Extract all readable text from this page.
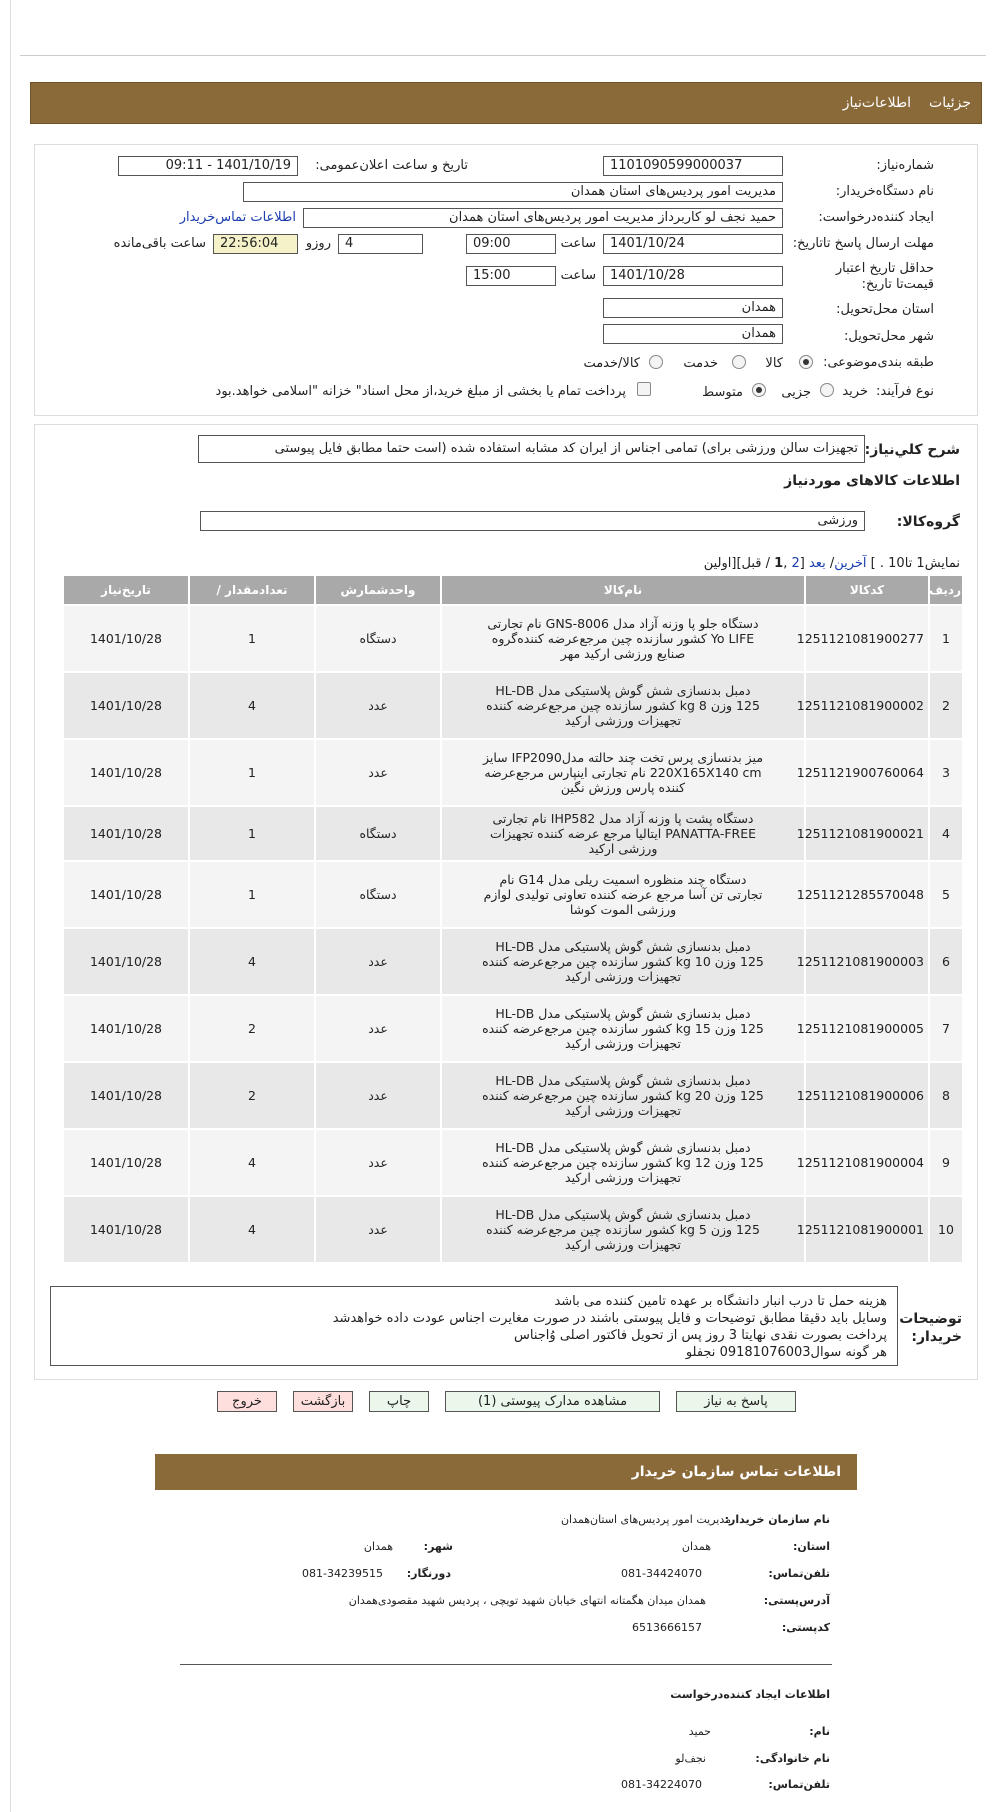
جزئیات
اطلاعات‌نیاز
شماره‌نیاز:
1101090599000037
تاریخ و ساعت اعلان‌عمومی:
1401/10/19 - 09:11
نام دستگاه‌خریدار:
مدیریت امور پردیس‌های استان همدان
ایجاد کننده‌درخواست:
حمید نجف لو کاربرداز مدیریت امور پردیس‌های استان همدان
اطلاعات تماس‌خریدار
مهلت ارسال پاسخ تا‌تاریخ:
1401/10/24
ساعت
09:00
4
روزو
22:56:04
ساعت باقی‌مانده
حداقل تاریخ اعتبار قیمت‌تا تاریخ:
1401/10/28
ساعت
15:00
استان محل‌تحویل:
همدان
شهر محل‌تحویل:
همدان
طبقه بندی‌موضوعی:
کالا
خدمت
کالا/خدمت
نوع فرآیند:
خرید
جزیی
متوسط
پرداخت تمام یا بخشی از مبلغ خرید،از محل اسناد" خزانه "اسلامی خواهد.بود
شرح کلي‌نیاز:
تجهیزات سالن ورزشی برای) تمامی اجناس از ایران کد مشابه استفاده شده (است حتما مطابق فایل پیوستی
اطلاعات کالاهای موردنیاز
گروه‌کالا:
ورزشی
نمایش1 تا10 . ] آخرین/ بعد [2 ,1 / قبل][اولین
ردیف	کدکالا	نام‌کالا	واحدشمارش	تعدادمقدار /	تاریخ‌نیاز
1	1251121081900277	دستگاه جلو پا وزنه آزاد مدل GNS-8006 نام تجارتی Yo LIFE کشور سازنده چین مرجع‌عرضه کننده‌گروه صنایع ورزشی ارکید مهر	دستگاه	1	1401/10/28
2	1251121081900002	دمبل بدنسازی شش گوش پلاستیکی مدل HL-DB 125 وزن 8 kg کشور سازنده چین مرجع‌عرضه کننده تجهیزات ورزشی ارکید	عدد	4	1401/10/28
3	1251121900760064	میز بدنسازی پرس تخت چند حالته مدلIFP2090 سایز 220X165X140 cm نام تجارتی اینپارس مرجع‌عرضه کننده پارس ورزش نگین	عدد	1	1401/10/28
4	1251121081900021	دستگاه پشت پا وزنه آزاد مدل IHP582 نام تجارتی PANATTA-FREE ایتالیا مرجع عرضه کننده تجهیزات ورزشی ارکید	دستگاه	1	1401/10/28
5	1251121285570048	دستگاه چند منظوره اسمیت ریلی مدل G14 نام تجارتی تن آسا مرجع عرضه کننده تعاونی تولیدی لوازم ورزشی الموت کوشا	دستگاه	1	1401/10/28
6	1251121081900003	دمبل بدنسازی شش گوش پلاستیکی مدل HL-DB 125 وزن 10 kg کشور سازنده چین مرجع‌عرضه کننده تجهیزات ورزشی ارکید	عدد	4	1401/10/28
7	1251121081900005	دمبل بدنسازی شش گوش پلاستیکی مدل HL-DB 125 وزن 15 kg کشور سازنده چین مرجع‌عرضه کننده تجهیزات ورزشی ارکید	عدد	2	1401/10/28
8	1251121081900006	دمبل بدنسازی شش گوش پلاستیکی مدل HL-DB 125 وزن 20 kg کشور سازنده چین مرجع‌عرضه کننده تجهیزات ورزشی ارکید	عدد	2	1401/10/28
9	1251121081900004	دمبل بدنسازی شش گوش پلاستیکی مدل HL-DB 125 وزن 12 kg کشور سازنده چین مرجع‌عرضه کننده تجهیزات ورزشی ارکید	عدد	4	1401/10/28
10	1251121081900001	دمبل بدنسازی شش گوش پلاستیکی مدل HL-DB 125 وزن 5 kg کشور سازنده چین مرجع‌عرضه کننده تجهیزات ورزشی ارکید	عدد	4	1401/10/28
توضیحات خریدار:
هزینه حمل تا درب انبار دانشگاه بر عهده تامین کننده می باشد
وسایل باید دقیقا مطابق توضیحات و فایل پیوستی باشند در صورت مغایرت اجناس عودت داده خواهدشد
پرداخت بصورت نقدی نهایتا 3 روز پس از تحویل فاکتور اصلی وُاجناس
هر گونه سوال09181076003 نجفلو
پاسخ به نیاز
مشاهده مدارک پیوستی (1)
چاپ
بازگشت
خروج
اطلاعات تماس سازمان خریدار
نام سازمان خریدار:
مدیریت امور پردیس‌های استان‌همدان
استان:
همدان
شهر:
همدان
تلفن‌تماس:
081-34424070
دورنگار:
081-34239515
آدرس‌پستی:
همدان میدان هگمتانه انتهای خیابان شهید تویچی ، پردیس شهید مقصودی‌همدان
کد‌پستی:
6513666157
اطلاعات ایجاد کننده‌درخواست
نام:
حمید
نام خانوادگی:
نجف‌لو
تلفن‌تماس:
081-34224070
